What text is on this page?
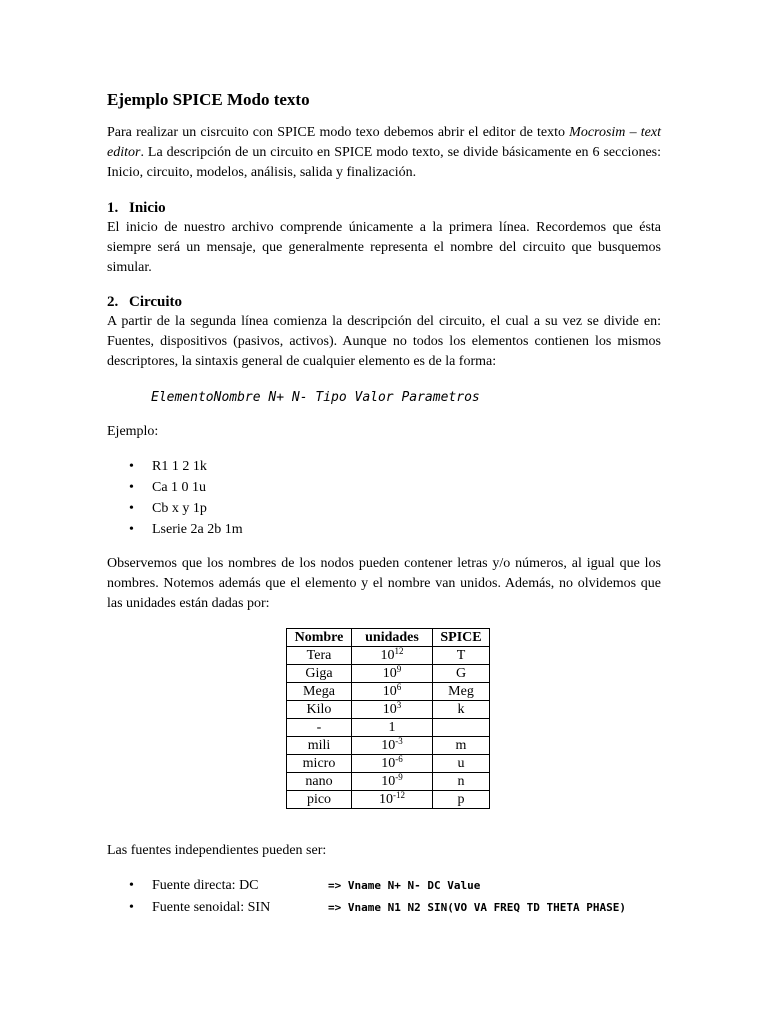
Ejemplo SPICE Modo texto

Para realizar un cisrcuito con SPICE modo texo debemos abrir el editor de texto Mocrosim – text editor. La descripción de un circuito en SPICE modo texto, se divide básicamente en 6 secciones: Inicio, circuito, modelos, análisis, salida y finalización.

1. Inicio

El inicio de nuestro archivo comprende únicamente a la primera línea. Recordemos que ésta siempre será un mensaje, que generalmente representa el nombre del circuito que busquemos simular.

2. Circuito

A partir de la segunda línea comienza la descripción del circuito, el cual a su vez se divide en: Fuentes, dispositivos (pasivos, activos). Aunque no todos los elementos contienen los mismos descriptores, la sintaxis general de cualquier elemento es de la forma:

ElementoNombre N+ N- Tipo Valor Parametros

Ejemplo:

• R1 1 2 1k
• Ca 1 0 1u
• Cb x y 1p
• Lserie 2a 2b 1m

Observemos que los nombres de los nodos pueden contener letras y/o números, al igual que los nombres. Notemos además que el elemento y el nombre van unidos. Además, no olvidemos que las unidades están dadas por:

Nombre	unidades	SPICE
Tera	$10^{12}$	T
Giga	$10^9$	G
Mega	$10^6$	Meg
Kilo	$10^3$	k
-	1	
mili	$10^{-3}$	m
micro	$10^{-6}$	u
nano	$10^{-9}$	n
pico	$10^{-12}$	p

Las fuentes independientes pueden ser:

• Fuente directa: DC	=> Vname N+ N- DC Value
• Fuente senoidal: SIN	=> Vname N1 N2 SIN(VO VA FREQ TD THETA PHASE)
